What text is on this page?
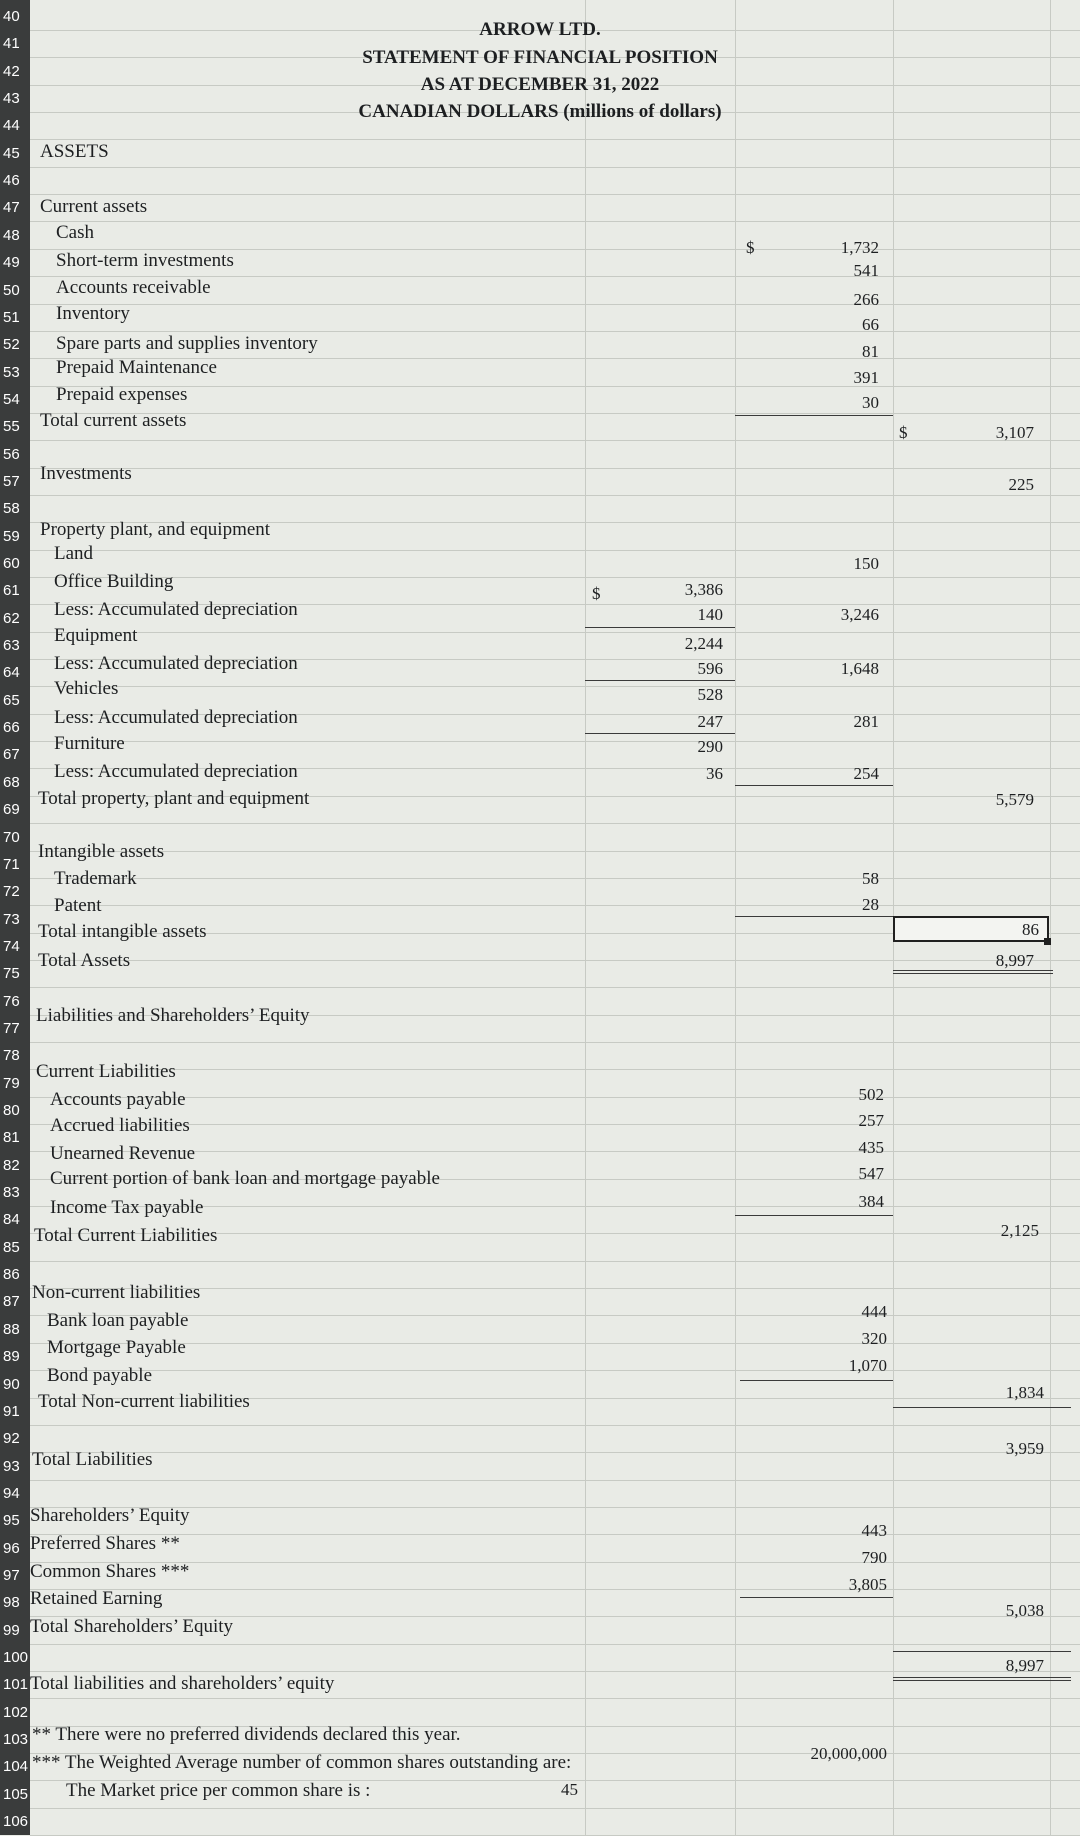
ARROW LTD.
STATEMENT OF FINANCIAL POSITION
AS AT DECEMBER 31, 2022
CANADIAN DOLLARS (millions of dollars)
ASSETS
Current assets
Cash
Short-term investments
Accounts receivable
Inventory
Spare parts and supplies inventory
Prepaid Maintenance
Prepaid expenses
Total current assets
Investments
Property plant, and equipment
Land
Office Building
Less: Accumulated depreciation
Equipment
Less: Accumulated depreciation
Vehicles
Less: Accumulated depreciation
Furniture
Less: Accumulated depreciation
Total property, plant and equipment
Intangible assets
Trademark
Patent
Total intangible assets
Total Assets
Liabilities and Shareholders’ Equity
Current Liabilities
Accounts payable
Accrued liabilities
Unearned Revenue
Current portion of bank loan and mortgage payable
Income Tax payable
Total Current Liabilities
Non-current liabilities
Bank loan payable
Mortgage Payable
Bond payable
Total Non-current liabilities
Total Liabilities
Shareholders’ Equity
Preferred Shares **
Common Shares ***
Retained Earning
Total Shareholders’ Equity
Total liabilities and shareholders’ equity
** There were no preferred dividends declared this year.
*** The Weighted Average number of common shares outstanding are:
The Market price per common share is :
$
$
$	3,386
140
2,244
596
528
247
290
36
45
1,732
541
266
66
81
391
30
150
3,246
1,648
281
254
58
28
502
257
435
547
384
444
320
1,070
443
790
3,805
20,000,000
3,107
225
5,579
86
8,997
2,125
1,834
3,959
5,038
8,997
40
41
42
43
44
45
46
47
48
49
50
51
52
53
54
55
56
57
58
59
60
61
62
63
64
65
66
67
68
69
70
71
72
73
74
75
76
77
78
79
80
81
82
83
84
85
86
87
88
89
90
91
92
93
94
95
96
97
98
99
100
101
102
103
104
105
106
